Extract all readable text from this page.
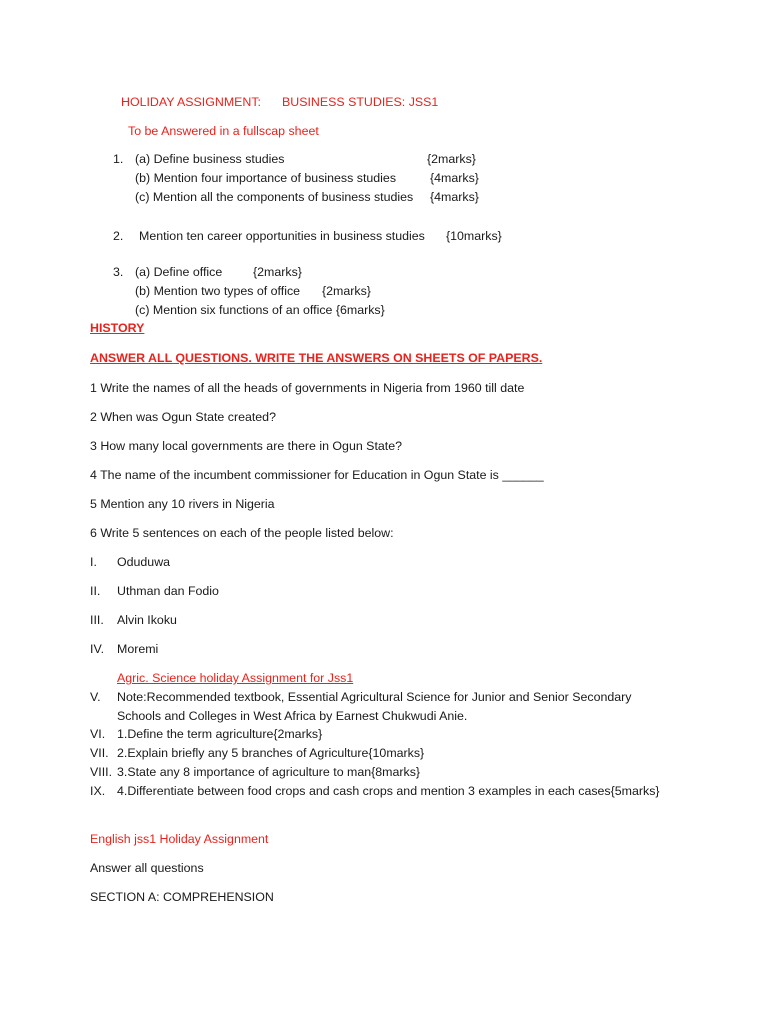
HOLIDAY ASSIGNMENT: BUSINESS STUDIES: JSS1
To be Answered in a fullscap sheet
1. (a) Define business studies	{2marks}
(b) Mention four importance of business studies	{4marks}
(c) Mention all the components of business studies {4marks}
2. Mention ten career opportunities in business studies {10marks}
3. (a) Define office {2marks}
(b) Mention two types of office {2marks}
(c) Mention six functions of an office {6marks}
HISTORY
ANSWER ALL QUESTIONS. WRITE THE ANSWERS ON SHEETS OF PAPERS.
1 Write the names of all the heads of governments in Nigeria from 1960 till date
2 When was Ogun State created?
3 How many local governments are there in Ogun State?
4 The name of the incumbent commissioner for Education in Ogun State is ______
5 Mention any 10 rivers in Nigeria
6 Write 5 sentences on each of the people listed below:
I. Oduduwa
II. Uthman dan Fodio
III. Alvin Ikoku
IV. Moremi
Agric. Science holiday Assignment for Jss1
V. Note:Recommended textbook, Essential Agricultural Science for Junior and Senior Secondary
Schools and Colleges in West Africa by Earnest Chukwudi Anie.
VI. 1.Define the term agriculture{2marks}
VII. 2.Explain briefly any 5 branches of Agriculture{10marks}
VIII. 3.State any 8 importance of agriculture to man{8marks}
IX. 4.Differentiate between food crops and cash crops and mention 3 examples in each cases{5marks}
English jss1 Holiday Assignment
Answer all questions
SECTION A: COMPREHENSION
